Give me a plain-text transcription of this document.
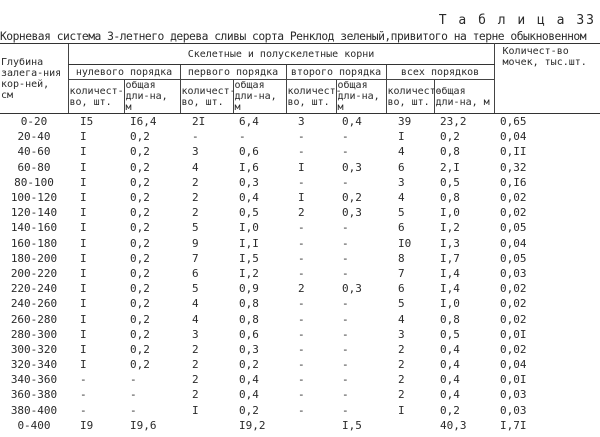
Т а б л и ц а 33
Корневая система 3-летнего дерева сливы сорта Ренклод зеленый,привитого на терне обыкновенном
Глубина залега-ния кор-ней, см	Скелетные и полускелетные корни								Количест-во мочек, тыс.шт.
	нулевого порядка		первого порядка		второго порядка		всех порядков		
	количест-во, шт.	общая дли-на, м	количест-во, шт.	общая дли-на, м	количест-во, шт.	общая дли-на, м	количест-во, шт.	общая дли-на, м	
0-20	I5	I6,4	2I	6,4	3	0,4	39	23,2	0,65
20-40	I	0,2	-	-	-	-	I	0,2	0,04
40-60	I	0,2	3	0,6	-	-	4	0,8	0,II
60-80	I	0,2	4	I,6	I	0,3	6	2,I	0,32
80-100	I	0,2	2	0,3	-	-	3	0,5	0,I6
100-120	I	0,2	2	0,4	I	0,2	4	0,8	0,02
120-140	I	0,2	2	0,5	2	0,3	5	I,0	0,02
140-160	I	0,2	5	I,0	-	-	6	I,2	0,05
160-180	I	0,2	9	I,I	-	-	I0	I,3	0,04
180-200	I	0,2	7	I,5	-	-	8	I,7	0,05
200-220	I	0,2	6	I,2	-	-	7	I,4	0,03
220-240	I	0,2	5	0,9	2	0,3	6	I,4	0,02
240-260	I	0,2	4	0,8	-	-	5	I,0	0,02
260-280	I	0,2	4	0,8	-	-	4	0,8	0,02
280-300	I	0,2	3	0,6	-	-	3	0,5	0,0I
300-320	I	0,2	2	0,3	-	-	2	0,4	0,02
320-340	I	0,2	2	0,2	-	-	2	0,4	0,04
340-360	-	-	2	0,4	-	-	2	0,4	0,0I
360-380	-	-	2	0,4	-	-	2	0,4	0,03
380-400	-	-	I	0,2	-	-	I	0,2	0,03
0-400	I9	I9,6		I9,2		I,5		40,3	I,7I
